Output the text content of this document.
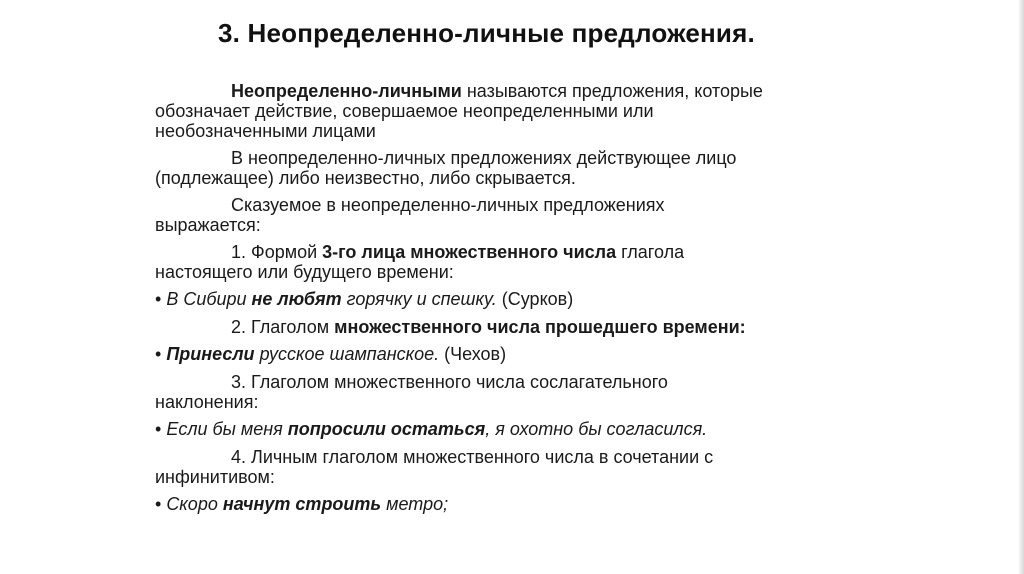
3. Неопределенно-личные предложения.
Неопределенно-личными называются предложения, которые
обозначает действие, совершаемое неопределенными или
необозначенными лицами
В неопределенно-личных предложениях действующее лицо
(подлежащее) либо неизвестно, либо скрывается.
Сказуемое в неопределенно-личных предложениях
выражается:
1. Формой 3-го лица множественного числа глагола
настоящего или будущего времени:
• В Сибири не любят горячку и спешку. (Сурков)
2. Глаголом множественного числа прошедшего времени:
• Принесли русское шампанское. (Чехов)
3. Глаголом множественного числа сослагательного
наклонения:
• Если бы меня попросили остаться, я охотно бы согласился.
4. Личным глаголом множественного числа в сочетании с
инфинитивом:
• Скоро начнут строить метро;
